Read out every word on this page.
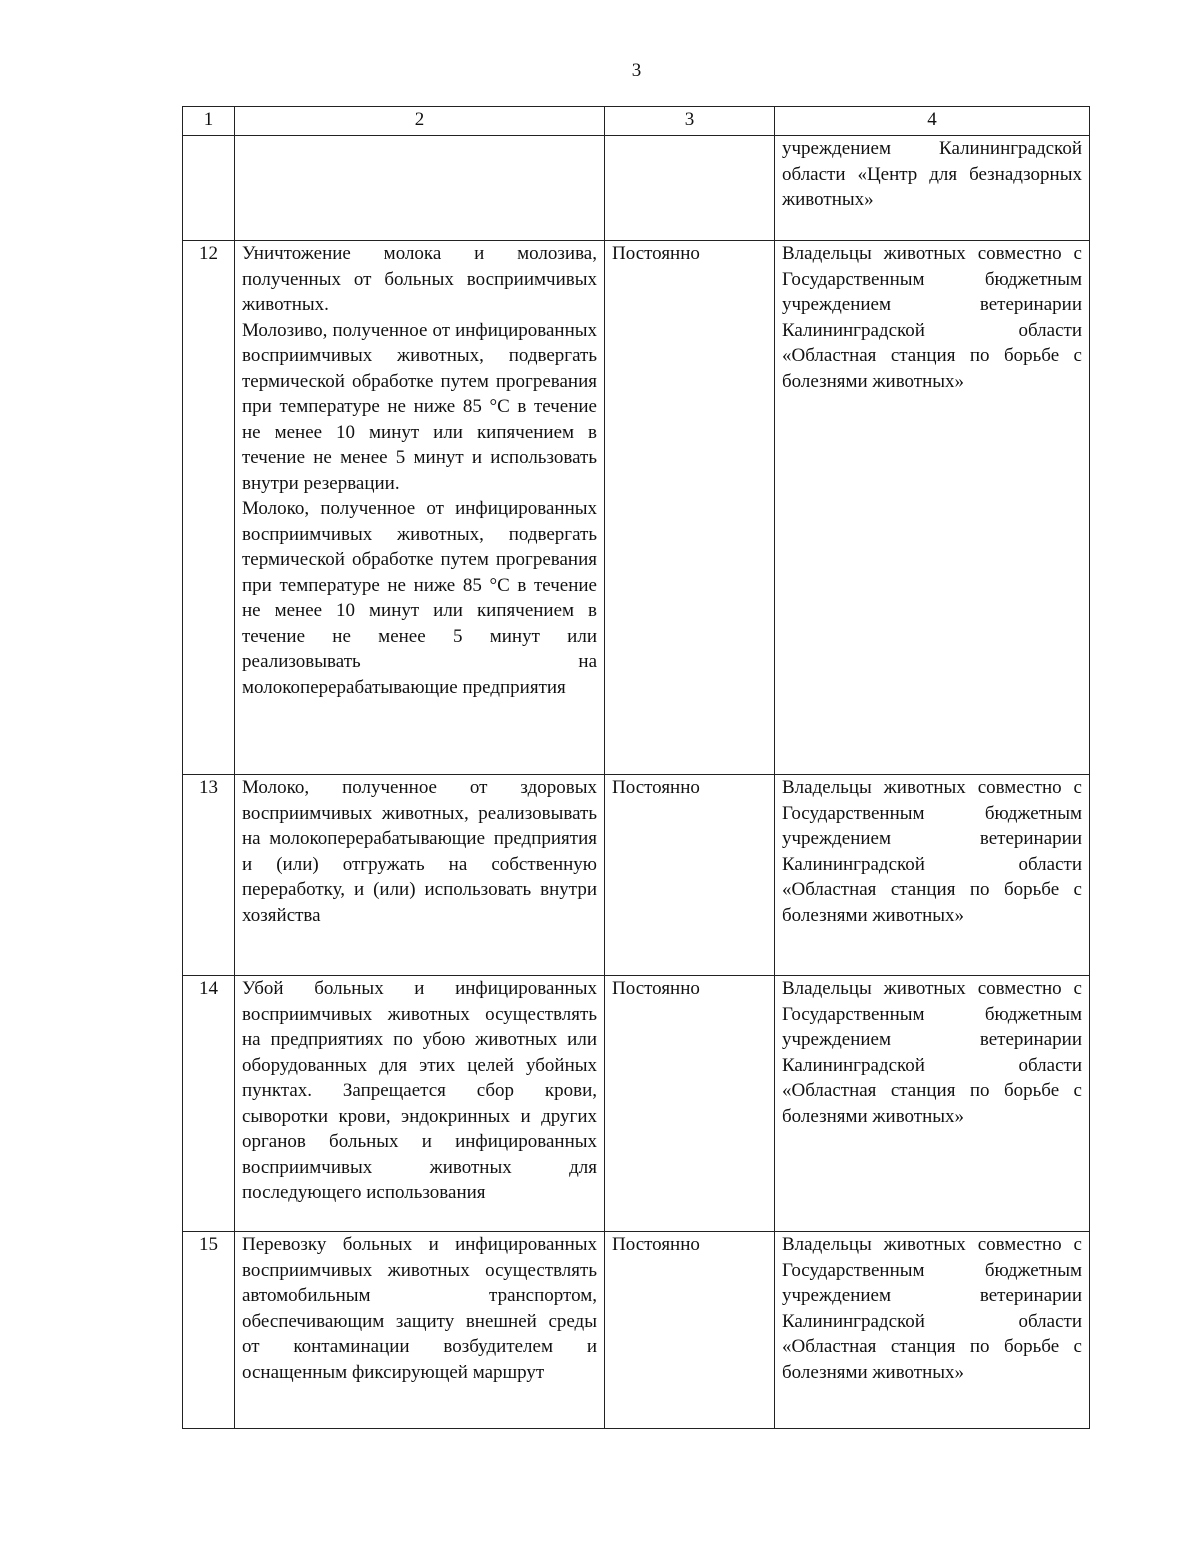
3
1	2	3	4
			учреждением Калининградской области «Центр для безнадзорных животных»
12	Уничтожение молока и молозива, полученных от больных восприимчивых животных.

Молозиво, полученное от инфицированных восприимчивых животных, подвергать термической обработке путем прогревания при температуре не ниже 85 °С в течение не менее 10 минут или кипячением в течение не менее 5 минут и использовать внутри резервации.

Молоко, полученное от инфицированных восприимчивых животных, подвергать термической обработке путем прогревания при температуре не ниже 85 °С в течение не менее 10 минут или кипячением в течение не менее 5 минут или реализовывать на молокоперерабатывающие предприятия	Постоянно	Владельцы животных совместно с Государственным бюджетным учреждением ветеринарии Калининградской области «Областная станция по борьбе с болезнями животных»
13	Молоко, полученное от здоровых восприимчивых животных, реализовывать на молокоперерабатывающие предприятия и (или) отгружать на собственную переработку, и (или) использовать внутри хозяйства	Постоянно	Владельцы животных совместно с Государственным бюджетным учреждением ветеринарии Калининградской области «Областная станция по борьбе с болезнями животных»
14	Убой больных и инфицированных восприимчивых животных осуществлять на предприятиях по убою животных или оборудованных для этих целей убойных пунктах. Запрещается сбор крови, сыворотки крови, эндокринных и других органов больных и инфицированных восприимчивых животных для последующего использования	Постоянно	Владельцы животных совместно с Государственным бюджетным учреждением ветеринарии Калининградской области «Областная станция по борьбе с болезнями животных»
15	Перевозку больных и инфицированных восприимчивых животных осуществлять автомобильным транспортом, обеспечивающим защиту внешней среды от контаминации возбудителем и оснащенным фиксирующей маршрут	Постоянно	Владельцы животных совместно с Государственным бюджетным учреждением ветеринарии Калининградской области «Областная станция по борьбе с болезнями животных»
